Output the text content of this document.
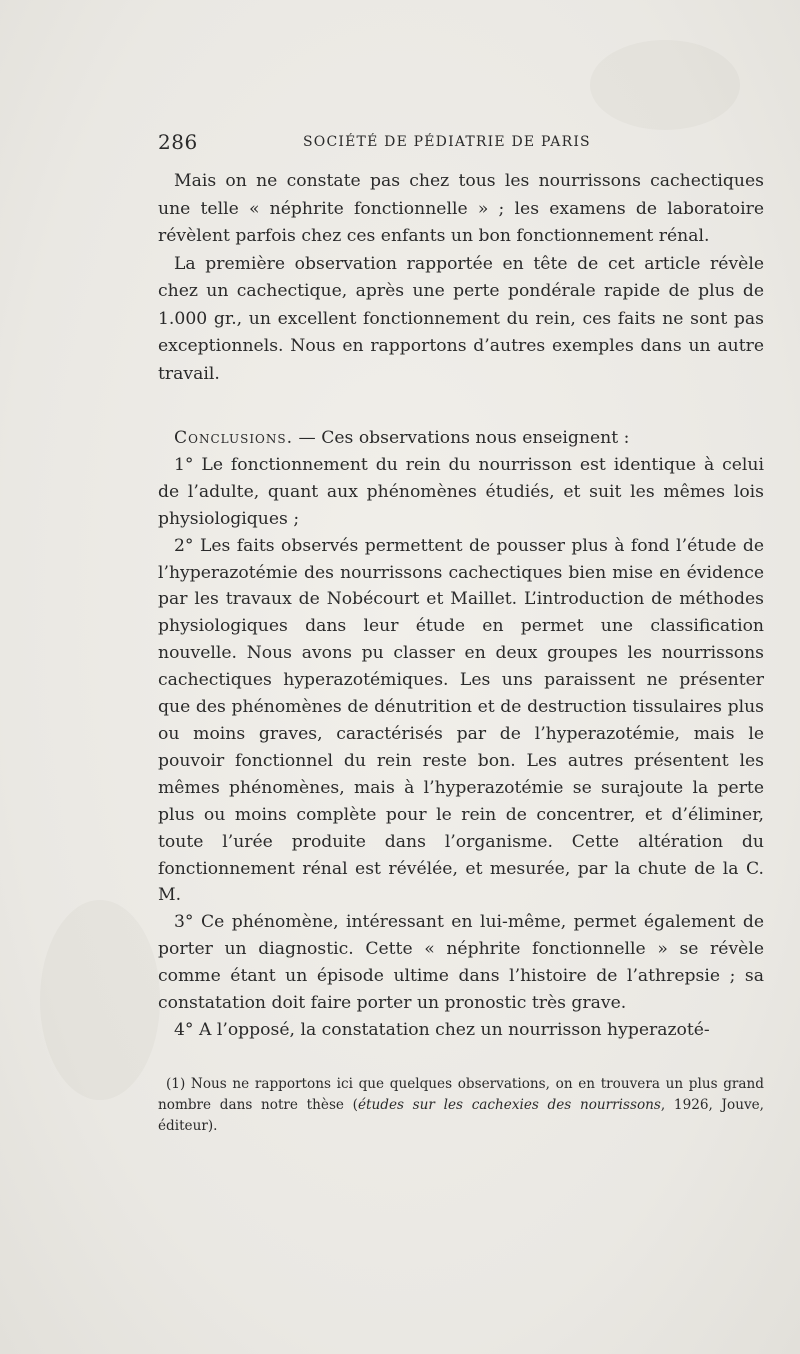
286	SOCIÉTÉ DE PÉDIATRIE DE PARIS

Mais on ne constate pas chez tous les nourrissons cachectiques une telle « néphrite fonctionnelle » ; les examens de laboratoire révèlent parfois chez ces enfants un bon fonctionnement rénal.

La première observation rapportée en tête de cet article révèle chez un cachectique, après une perte pondérale rapide de plus de 1.000 gr., un excellent fonctionnement du rein, ces faits ne sont pas exceptionnels. Nous en rapportons d’autres exemples dans un autre travail.

Conclusions. — Ces observations nous enseignent :

1° Le fonctionnement du rein du nourrisson est identique à celui de l’adulte, quant aux phénomènes étudiés, et suit les mêmes lois physiologiques ;

2° Les faits observés permettent de pousser plus à fond l’étude de l’hyperazotémie des nourrissons cachectiques bien mise en évidence par les travaux de Nobécourt et Maillet. L’introduction de méthodes physiologiques dans leur étude en permet une classification nouvelle. Nous avons pu classer en deux groupes les nourrissons cachectiques hyperazotémiques. Les uns paraissent ne présenter que des phénomènes de dénutrition et de destruction tissulaires plus ou moins graves, caractérisés par de l’hyperazotémie, mais le pouvoir fonctionnel du rein reste bon. Les autres présentent les mêmes phénomènes, mais à l’hyperazotémie se surajoute la perte plus ou moins complète pour le rein de concentrer, et d’éliminer, toute l’urée produite dans l’organisme. Cette altération du fonctionnement rénal est révélée, et mesurée, par la chute de la C. M.

3° Ce phénomène, intéressant en lui-même, permet également de porter un diagnostic. Cette « néphrite fonctionnelle » se révèle comme étant un épisode ultime dans l’histoire de l’athrepsie ; sa constatation doit faire porter un pronostic très grave.

4° A l’opposé, la constatation chez un nourrisson hyperazoté-

(1) Nous ne rapportons ici que quelques observations, on en trouvera un plus grand nombre dans notre thèse (études sur les cachexies des nourrissons, 1926, Jouve, éditeur).
